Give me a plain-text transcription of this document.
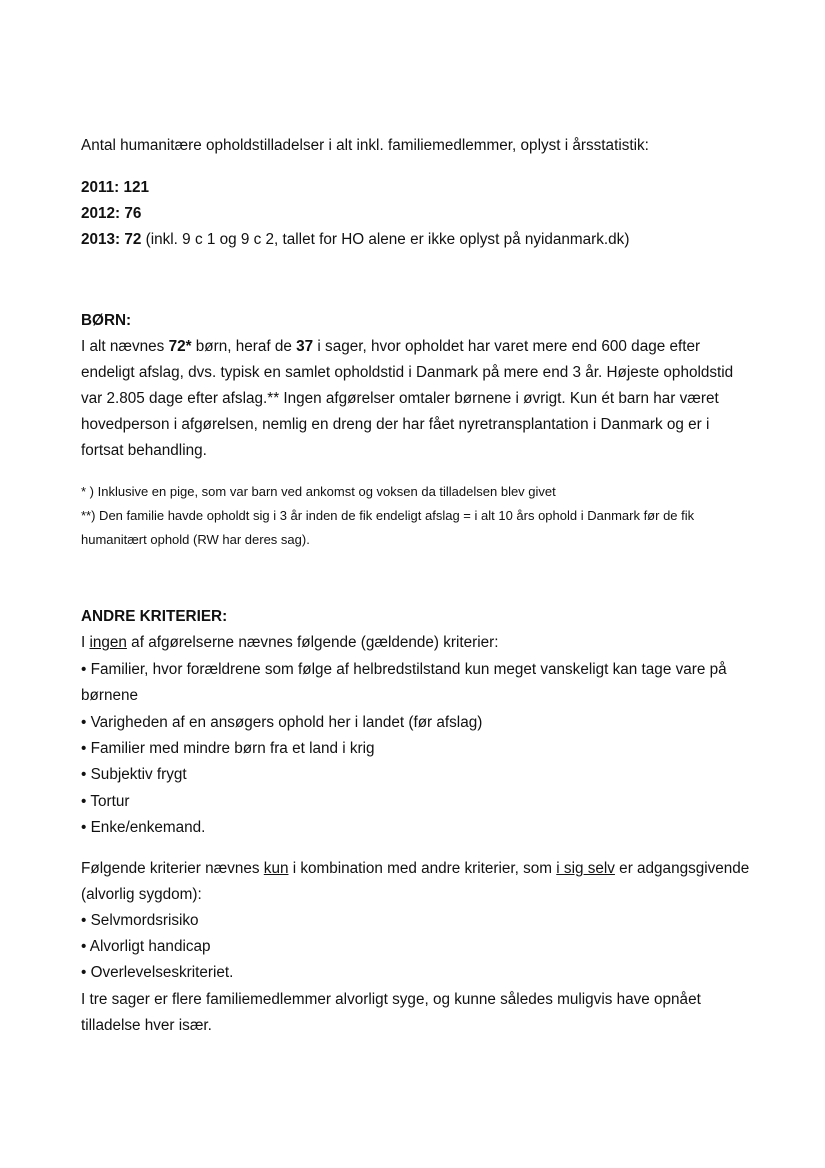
Antal humanitære opholdstilladelser i alt inkl. familiemedlemmer, oplyst i årsstatistik:
2011: 121
2012: 76
2013: 72 (inkl. 9 c 1 og 9 c 2, tallet for HO alene er ikke oplyst på nyidanmark.dk)
BØRN:
I alt nævnes 72* børn, heraf de 37 i sager, hvor opholdet har varet mere end 600 dage efter
endeligt afslag, dvs. typisk en samlet opholdstid i Danmark på mere end 3 år. Højeste opholdstid
var 2.805 dage efter afslag.** Ingen afgørelser omtaler børnene i øvrigt. Kun ét barn har været
hovedperson i afgørelsen, nemlig en dreng der har fået nyretransplantation i Danmark og er i
fortsat behandling.
* ) Inklusive en pige, som var barn ved ankomst og voksen da tilladelsen blev givet
**) Den familie havde opholdt sig i 3 år inden de fik endeligt afslag = i alt 10 års ophold i Danmark før de fik
humanitært ophold (RW har deres sag).
ANDRE KRITERIER:
I ingen af afgørelserne nævnes følgende (gældende) kriterier:
• Familier, hvor forældrene som følge af helbredstilstand kun meget vanskeligt kan tage vare på
børnene
• Varigheden af en ansøgers ophold her i landet (før afslag)
• Familier med mindre børn fra et land i krig
• Subjektiv frygt
• Tortur
• Enke/enkemand.
Følgende kriterier nævnes kun i kombination med andre kriterier, som i sig selv er adgangsgivende
(alvorlig sygdom):
• Selvmordsrisiko
• Alvorligt handicap
• Overlevelseskriteriet.
I tre sager er flere familiemedlemmer alvorligt syge, og kunne således muligvis have opnået
tilladelse hver især.
